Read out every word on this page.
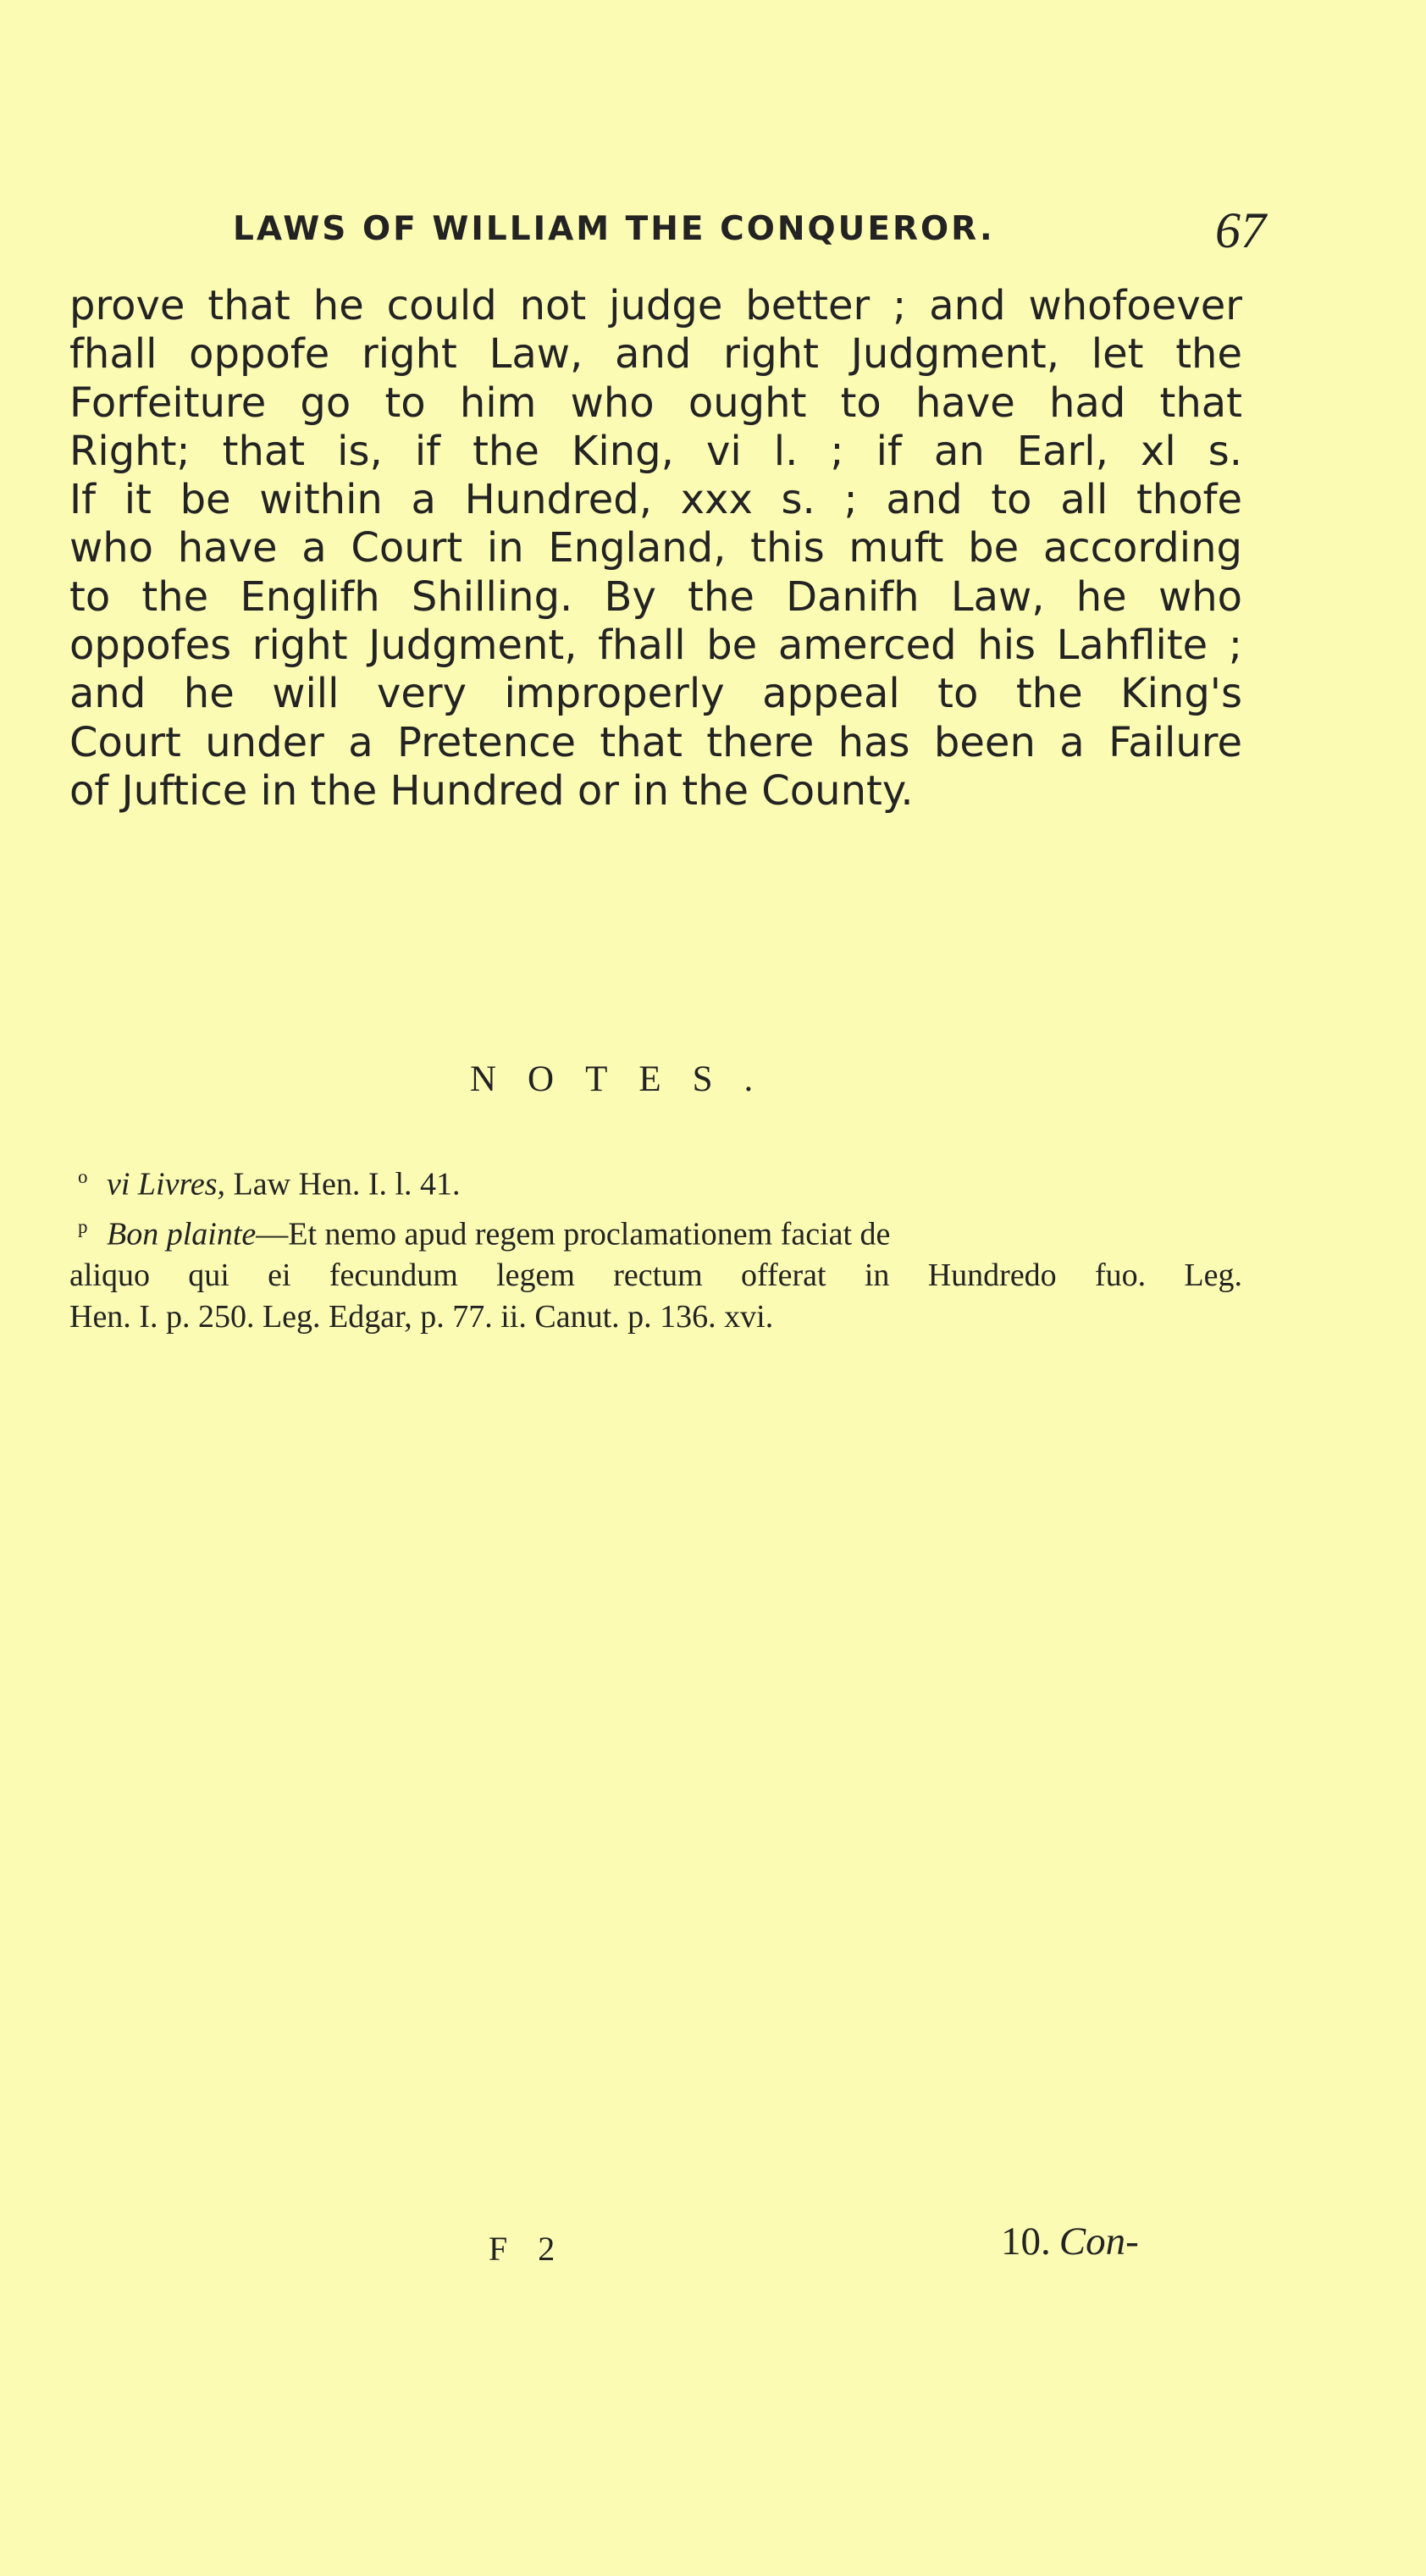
LAWS OF WILLIAM THE CONQUEROR.	67
prove that he could not judge better ; and whofoever
fhall oppofe right Law, and right Judgment, let the
Forfeiture go to him who ought to have had that
Right; that is, if the King, vi l. ; if an Earl, xl s.
If it be within a Hundred, xxx s. ; and to all thofe
who have a Court in England, this muft be according
to the Englifh Shilling. By the Danifh Law, he who
oppofes right Judgment, fhall be amerced his Lahflite ;
and he will very improperly appeal to the King's
Court under a Pretence that there has been a Failure
of Juftice in the Hundred or in the County.
NOTES.

o vi Livres, Law Hen. I. l. 41.

p Bon plainte—Et nemo apud regem proclamationem faciat de
aliquo qui ei fecundum legem rectum offerat in Hundredo fuo. Leg.
Hen. I. p. 250. Leg. Edgar, p. 77. ii. Canut. p. 136. xvi.

F 2	10. Con-
